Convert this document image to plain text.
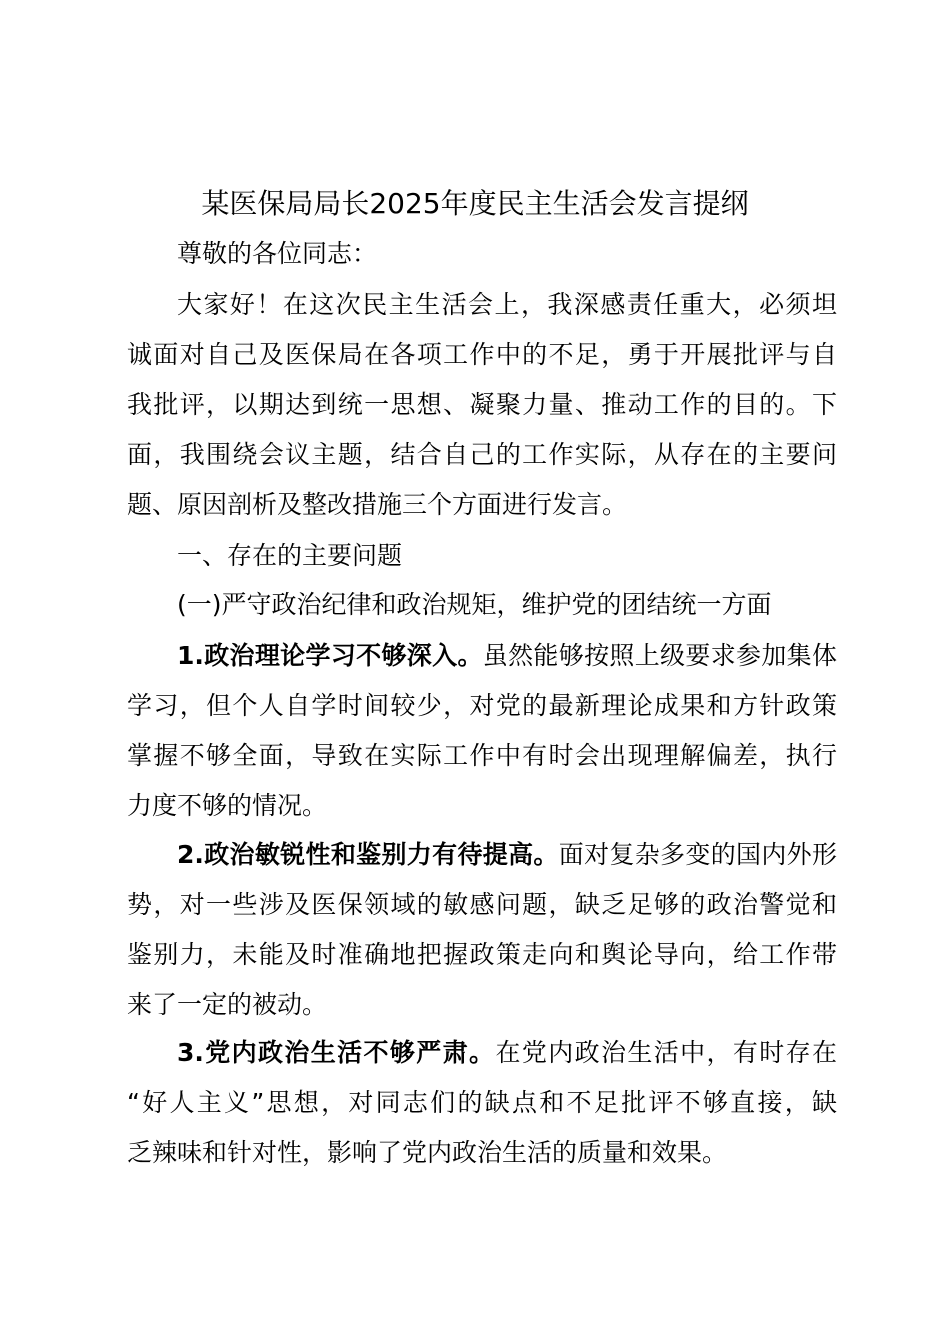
某医保局局长2025年度民主生活会发言提纲
尊敬的各位同志：
大家好！在这次民主生活会上，我深感责任重大，必须坦
诚面对自己及医保局在各项工作中的不足，勇于开展批评与自
我批评，以期达到统一思想、凝聚力量、推动工作的目的。下
面，我围绕会议主题，结合自己的工作实际，从存在的主要问
题、原因剖析及整改措施三个方面进行发言。
一、存在的主要问题
(一)严守政治纪律和政治规矩，维护党的团结统一方面
1.政治理论学习不够深入。虽然能够按照上级要求参加集体
学习，但个人自学时间较少，对党的最新理论成果和方针政策
掌握不够全面，导致在实际工作中有时会出现理解偏差，执行
力度不够的情况。
2.政治敏锐性和鉴别力有待提高。面对复杂多变的国内外形
势，对一些涉及医保领域的敏感问题，缺乏足够的政治警觉和
鉴别力，未能及时准确地把握政策走向和舆论导向，给工作带
来了一定的被动。
3.党内政治生活不够严肃。在党内政治生活中，有时存在
“好人主义”思想，对同志们的缺点和不足批评不够直接，缺
乏辣味和针对性，影响了党内政治生活的质量和效果。
